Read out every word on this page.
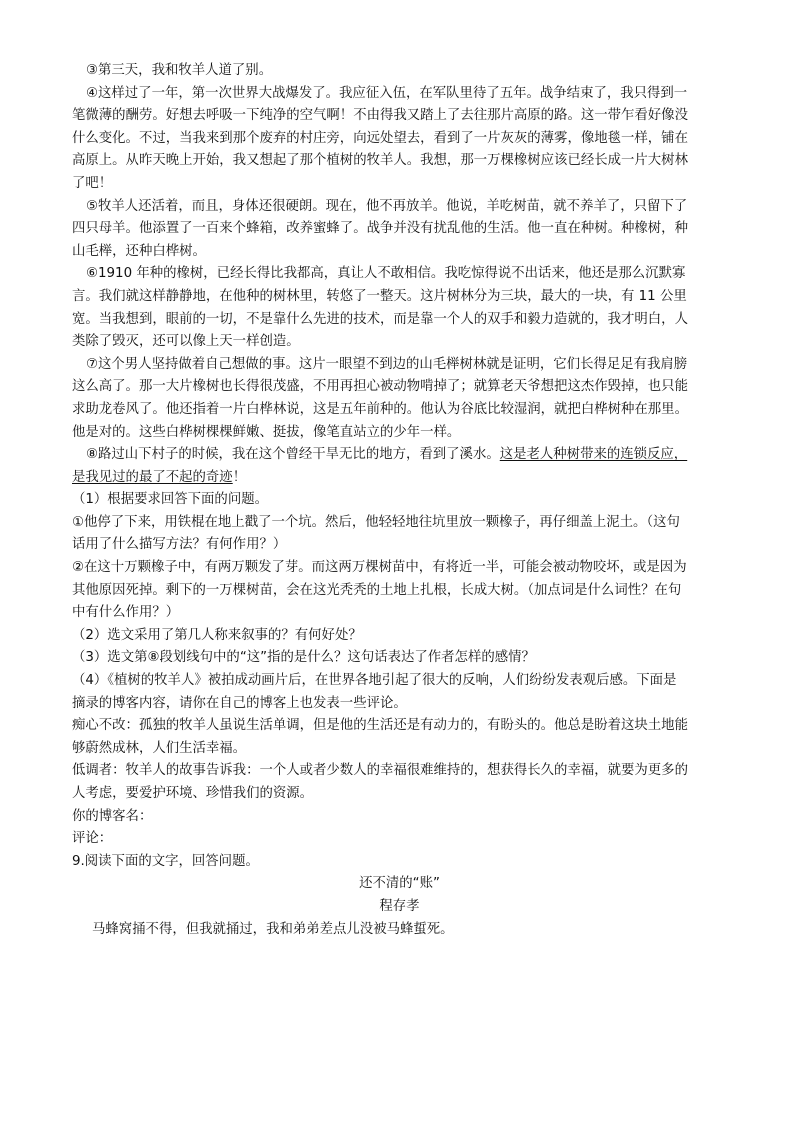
③第三天，我和牧羊人道了别。
④这样过了一年，第一次世界大战爆发了。我应征入伍，在军队里待了五年。战争结束了，我只得到一
笔微薄的酬劳。好想去呼吸一下纯净的空气啊！不由得我又踏上了去往那片高原的路。这一带乍看好像没
什么变化。不过，当我来到那个废弃的村庄旁，向远处望去，看到了一片灰灰的薄雾，像地毯一样，铺在
高原上。从昨天晚上开始，我又想起了那个植树的牧羊人。我想，那一万棵橡树应该已经长成一片大树林
了吧！
⑤牧羊人还活着，而且，身体还很硬朗。现在，他不再放羊。他说，羊吃树苗，就不养羊了，只留下了
四只母羊。他添置了一百来个蜂箱，改养蜜蜂了。战争并没有扰乱他的生活。他一直在种树。种橡树，种
山毛榉，还种白桦树。
⑥1910 年种的橡树，已经长得比我都高，真让人不敢相信。我吃惊得说不出话来，他还是那么沉默寡
言。我们就这样静静地，在他种的树林里，转悠了一整天。这片树林分为三块，最大的一块，有 11 公里
宽。当我想到，眼前的一切，不是靠什么先进的技术，而是靠一个人的双手和毅力造就的，我才明白，人
类除了毁灭，还可以像上天一样创造。
⑦这个男人坚持做着自己想做的事。这片一眼望不到边的山毛榉树林就是证明，它们长得足足有我肩膀
这么高了。那一大片橡树也长得很茂盛，不用再担心被动物啃掉了；就算老天爷想把这杰作毁掉，也只能
求助龙卷风了。他还指着一片白桦林说，这是五年前种的。他认为谷底比较湿润，就把白桦树种在那里。
他是对的。这些白桦树棵棵鲜嫩、挺拔，像笔直站立的少年一样。
⑧路过山下村子的时候，我在这个曾经干旱无比的地方，看到了溪水。这是老人种树带来的连锁反应，
是我见过的最了不起的奇迹！
（1）根据要求回答下面的问题。
①他停了下来，用铁棍在地上戳了一个坑。然后，他轻轻地往坑里放一颗橡子，再仔细盖上泥土。（这句
话用了什么描写方法？有何作用？）
②在这十万颗橡子中，有两万颗发了芽。而这两万棵树苗中，有将近一半，可能会被动物咬坏，或是因为
其他原因死掉。剩下的一万棵树苗，会在这光秃秃的土地上扎根，长成大树。（加点词是什么词性？在句
中有什么作用？）
（2）选文采用了第几人称来叙事的？有何好处？
（3）选文第⑧段划线句中的“这”指的是什么？这句话表达了作者怎样的感情？
（4）《植树的牧羊人》被拍成动画片后，在世界各地引起了很大的反响，人们纷纷发表观后感。下面是
摘录的博客内容，请你在自己的博客上也发表一些评论。
痴心不改：孤独的牧羊人虽说生活单调，但是他的生活还是有动力的，有盼头的。他总是盼着这块土地能
够蔚然成林，人们生活幸福。
低调者：牧羊人的故事告诉我：一个人或者少数人的幸福很难维持的，想获得长久的幸福，就要为更多的
人考虑，要爱护环境、珍惜我们的资源。
你的博客名：
评论：
9.阅读下面的文字，回答问题。
还不清的“账”
程存孝
马蜂窝捅不得，但我就捅过，我和弟弟差点儿没被马蜂蜇死。
